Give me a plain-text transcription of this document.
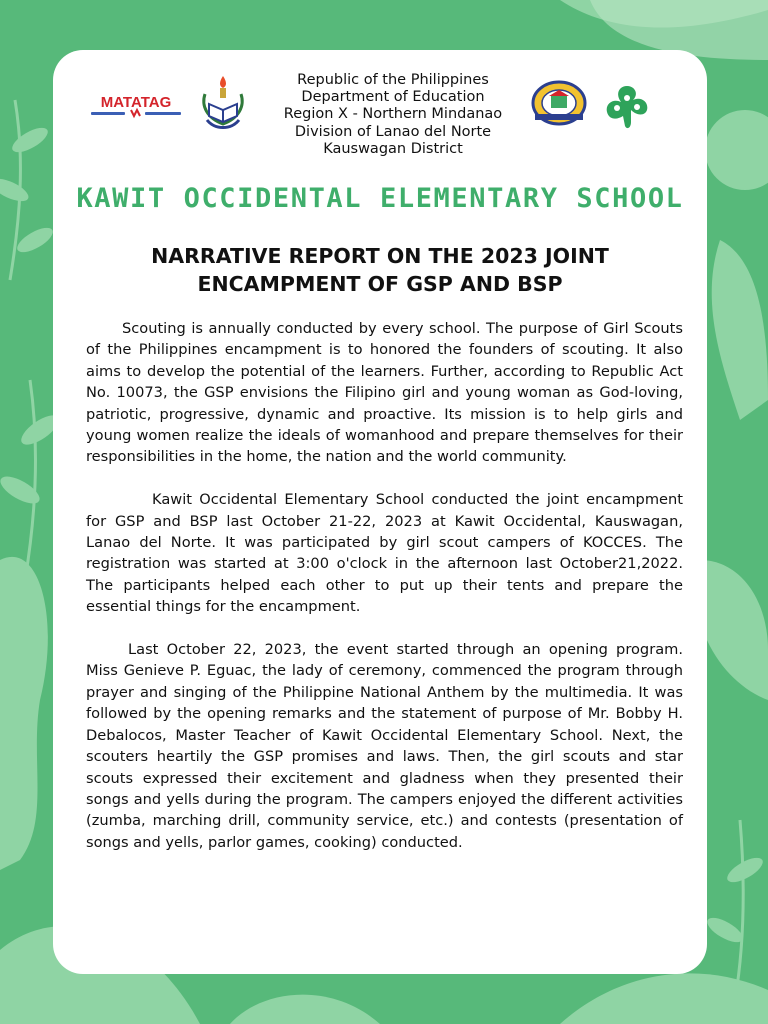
MATATAG
Republic of the Philippines
Department of Education
Region X - Northern Mindanao
Division of Lanao del Norte
Kauswagan District
KAWIT OCCIDENTAL ELEMENTARY SCHOOL
NARRATIVE REPORT ON THE 2023 JOINT ENCAMPMENT OF GSP AND BSP

Scouting is annually conducted by every school. The purpose of Girl Scouts of the Philippines encampment is to honored the founders of scouting. It also aims to develop the potential of the learners. Further, according to Republic Act No. 10073, the GSP envisions the Filipino girl and young woman as God-loving, patriotic, progressive, dynamic and proactive. Its mission is to help girls and young women realize the ideals of womanhood and prepare themselves for their responsibilities in the home, the nation and the world community.

Kawit Occidental Elementary School conducted the joint encampment for GSP and BSP last October 21-22, 2023 at Kawit Occidental, Kauswagan, Lanao del Norte. It was participated by girl scout campers of KOCCES. The registration was started at 3:00 o'clock in the afternoon last October21,2022. The participants helped each other to put up their tents and prepare the essential things for the encampment.

Last October 22, 2023, the event started through an opening program. Miss Genieve P. Eguac, the lady of ceremony, commenced the program through prayer and singing of the Philippine National Anthem by the multimedia. It was followed by the opening remarks and the statement of purpose of Mr. Bobby H. Debalocos, Master Teacher of Kawit Occidental Elementary School. Next, the scouters heartily the GSP promises and laws. Then, the girl scouts and star scouts expressed their excitement and gladness when they presented their songs and yells during the program. The campers enjoyed the different activities (zumba, marching drill, community service, etc.) and contests (presentation of songs and yells, parlor games, cooking) conducted.
